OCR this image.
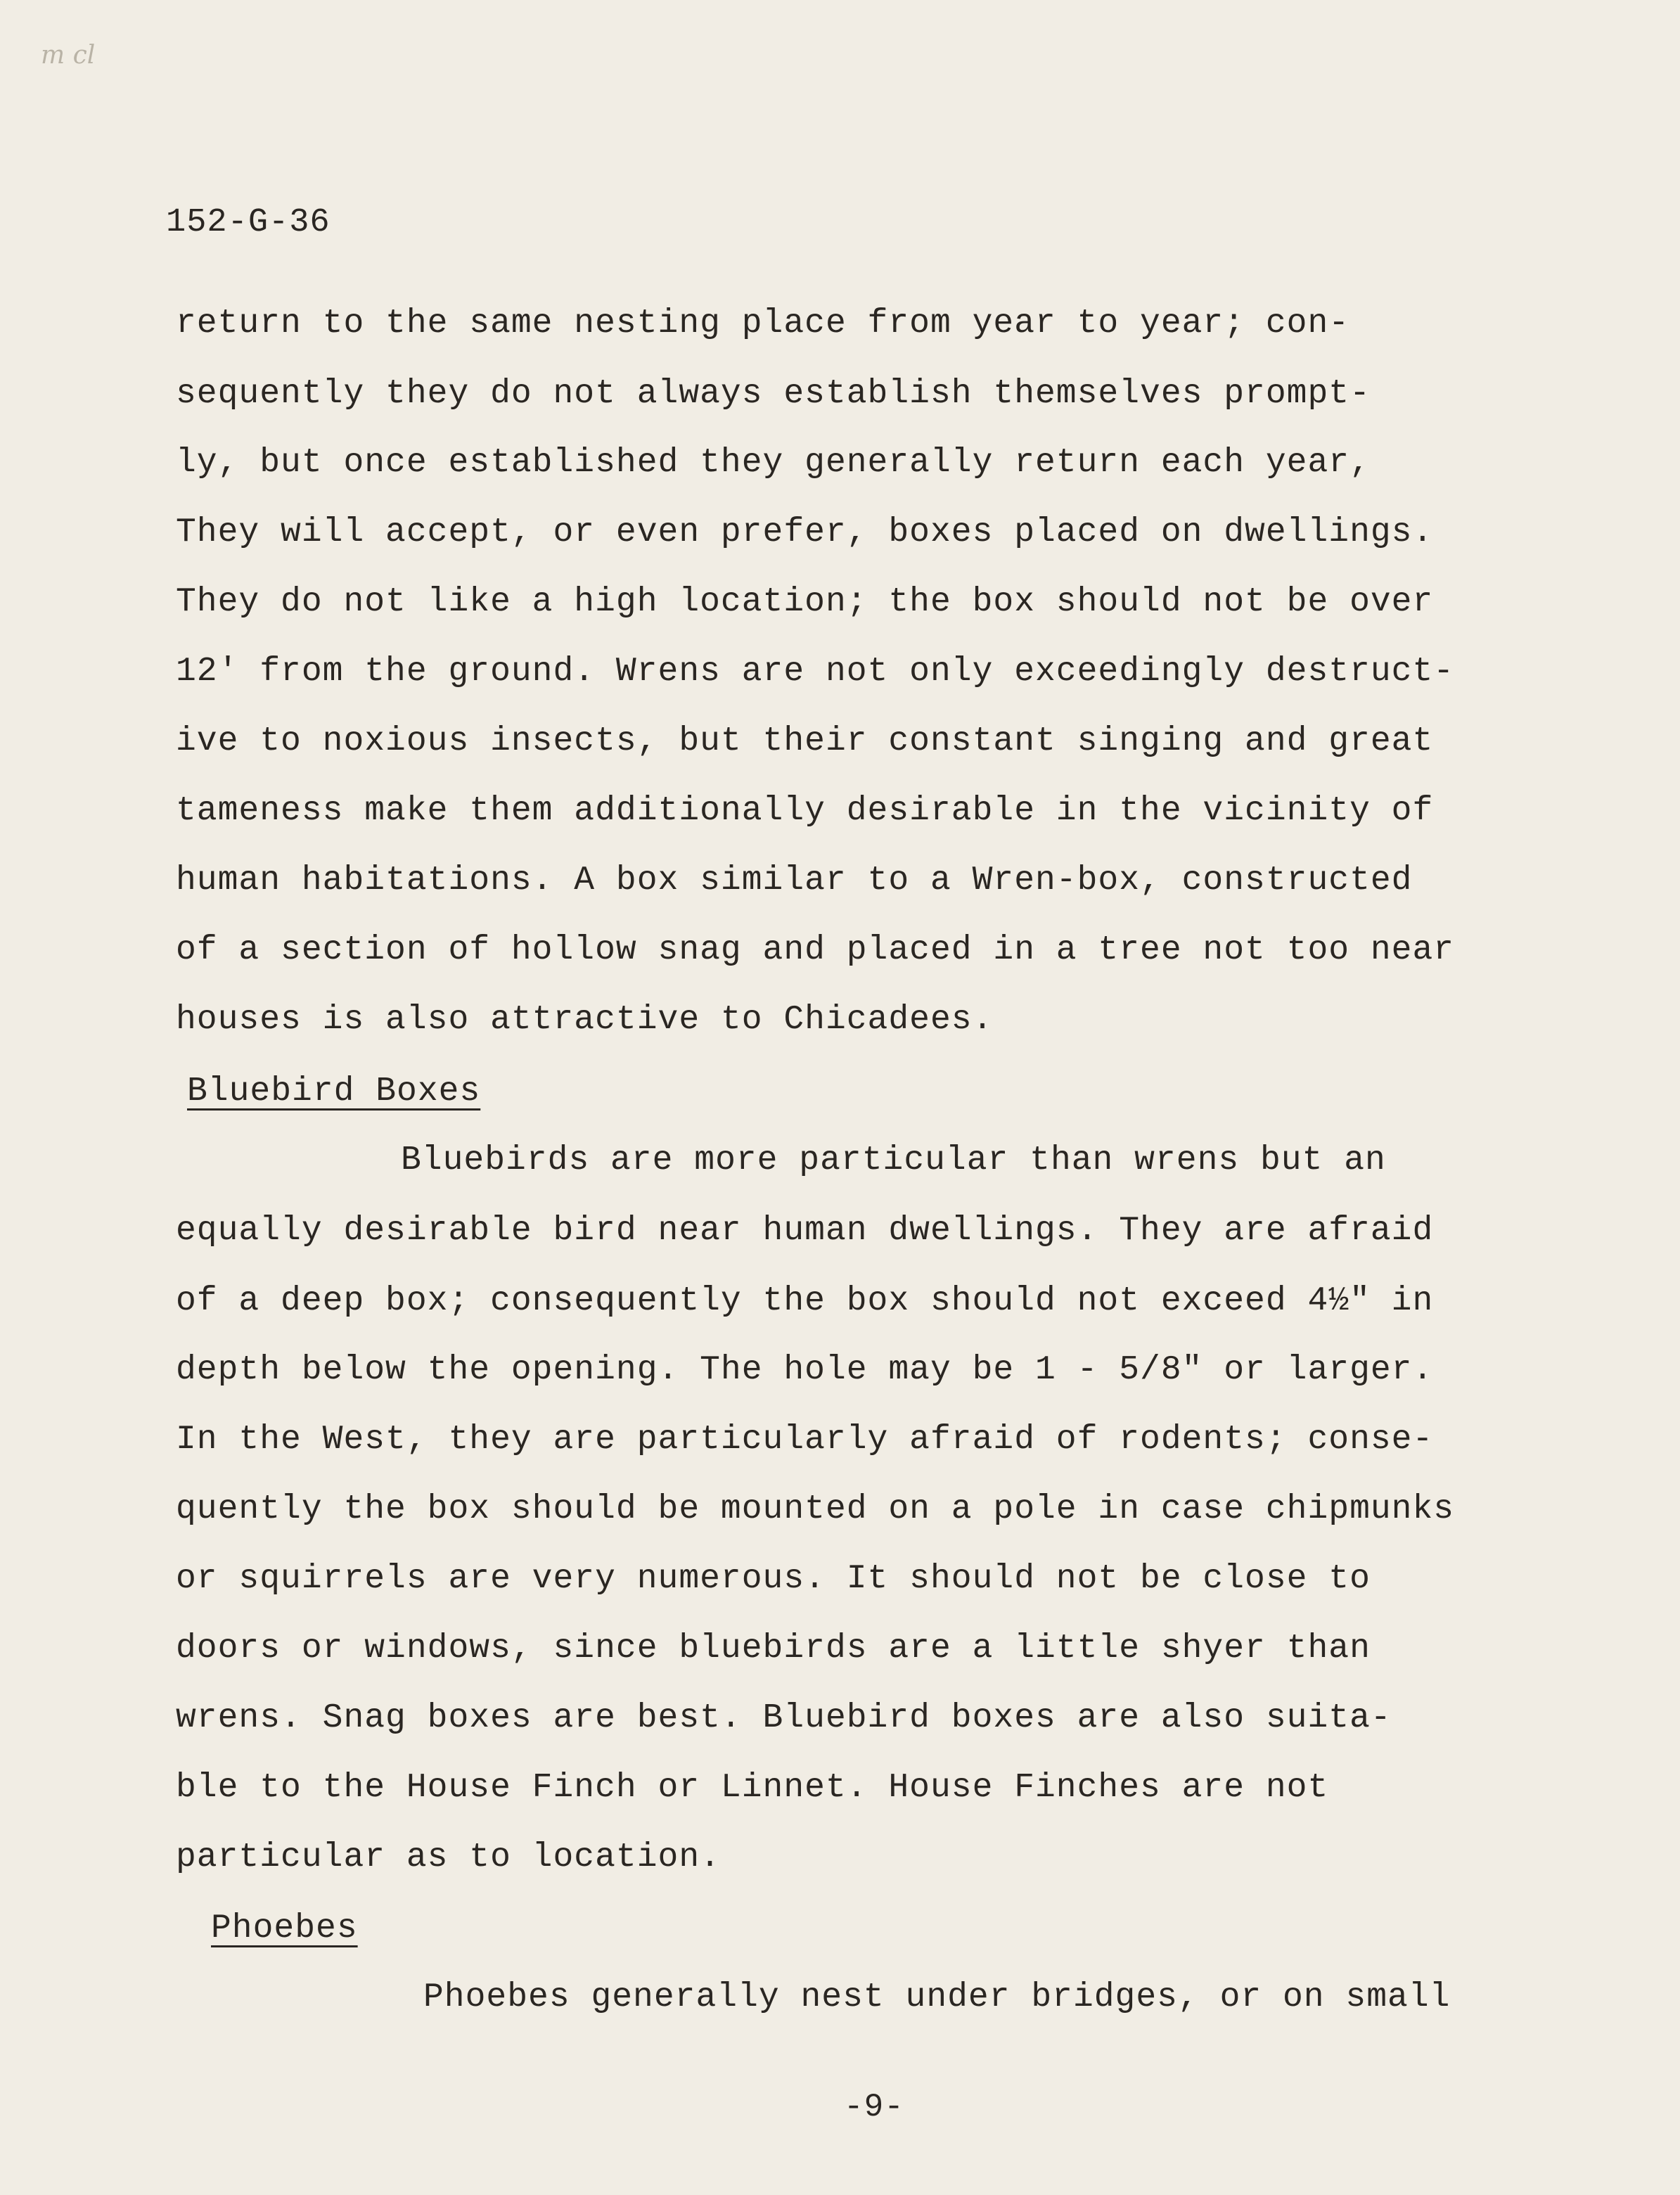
m cl
152-G-36
return to the same nesting place from year to year; con-
sequently they do not always establish themselves prompt-
ly, but once established they generally return each year,
They will accept, or even prefer, boxes placed on dwellings.
They do not like a high location; the box should not be over
12' from the ground. Wrens are not only exceedingly destruct-
ive to noxious insects, but their constant singing and great
tameness make them additionally desirable in the vicinity of
human habitations. A box similar to a Wren-box, constructed
of a section of hollow snag and placed in a tree not too near
houses is also attractive to Chicadees.
Bluebird Boxes
Bluebirds are more particular than wrens but an
equally desirable bird near human dwellings. They are afraid
of a deep box; consequently the box should not exceed 4½" in
depth below the opening. The hole may be 1 - 5/8" or larger.
In the West, they are particularly afraid of rodents; conse-
quently the box should be mounted on a pole in case chipmunks
or squirrels are very numerous. It should not be close to
doors or windows, since bluebirds are a little shyer than
wrens. Snag boxes are best. Bluebird boxes are also suita-
ble to the House Finch or Linnet. House Finches are not
particular as to location.
Phoebes
Phoebes generally nest under bridges, or on small
-9-
